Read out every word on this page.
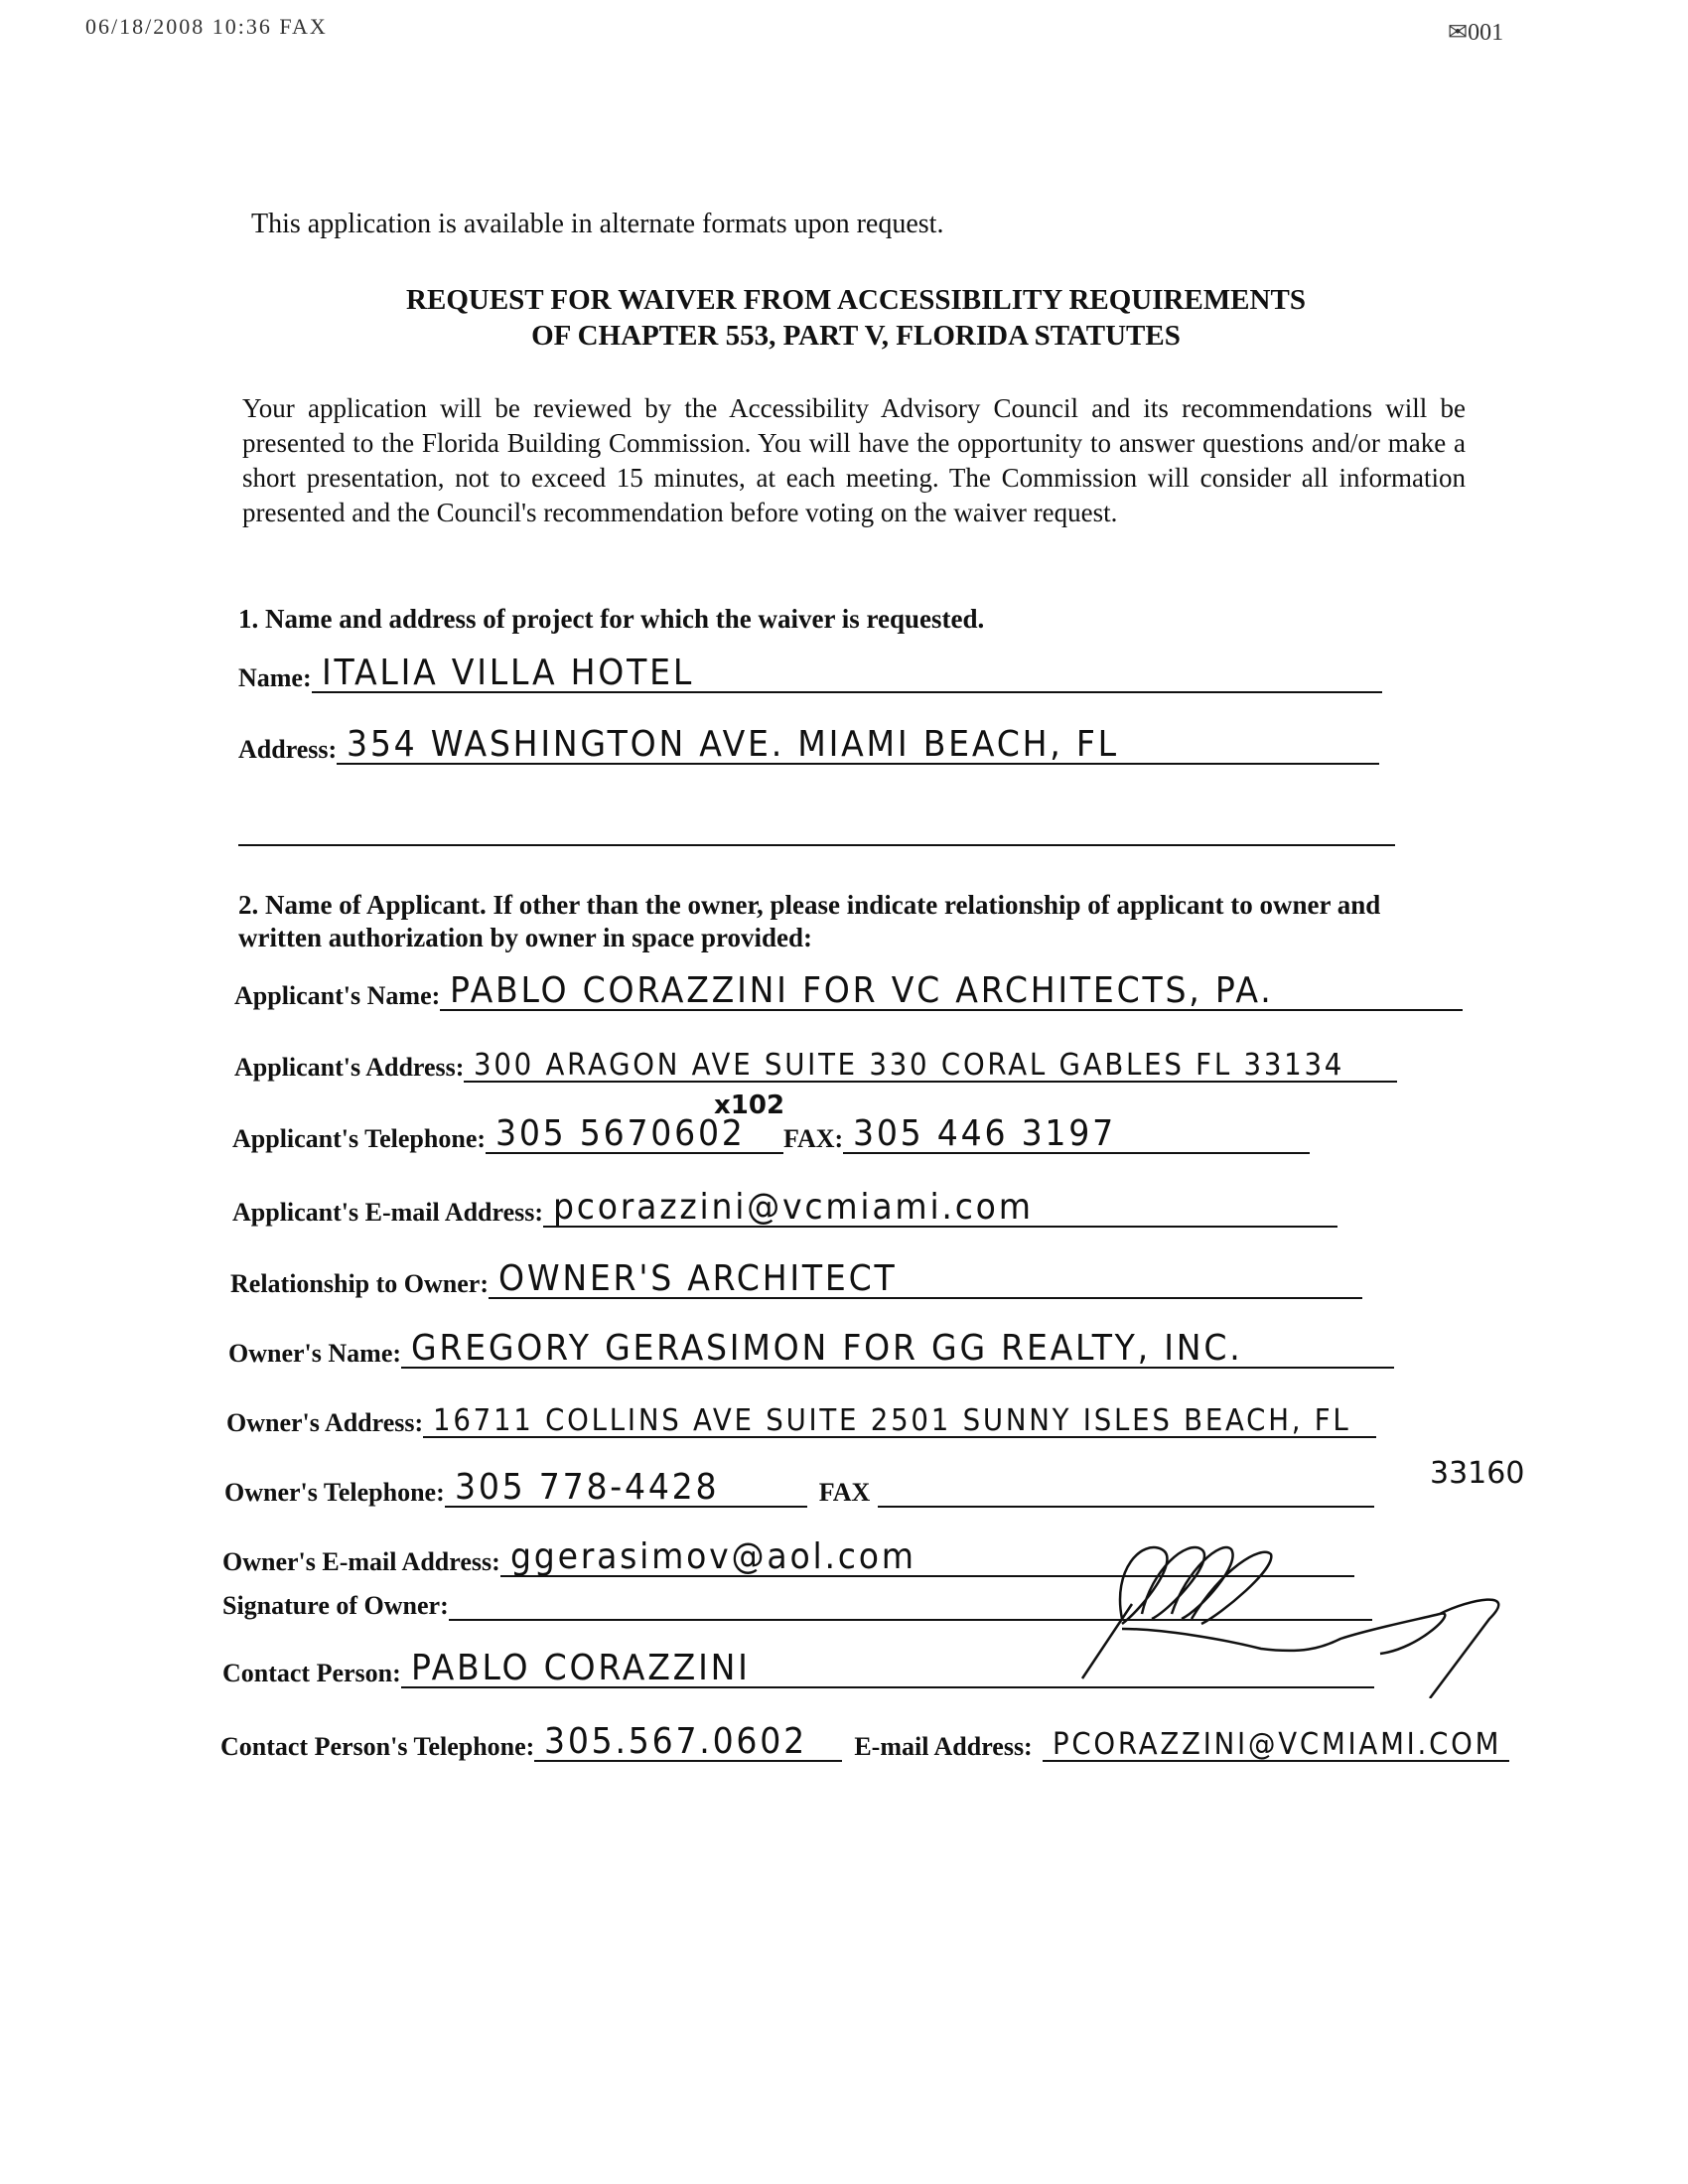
06/18/2008 10:36 FAX	✉001
This application is available in alternate formats upon request.
REQUEST FOR WAIVER FROM ACCESSIBILITY REQUIREMENTS
OF CHAPTER 553, PART V, FLORIDA STATUTES
Your application will be reviewed by the Accessibility Advisory Council and its recommendations will be presented to the Florida Building Commission. You will have the opportunity to answer questions and/or make a short presentation, not to exceed 15 minutes, at each meeting. The Commission will consider all information presented and the Council's recommendation before voting on the waiver request.
1. Name and address of project for which the waiver is requested.
Name: ITALIA VILLA HOTEL
Address: 354 WASHINGTON AVE. MIAMI BEACH, FL
2. Name of Applicant. If other than the owner, please indicate relationship of applicant to owner and written authorization by owner in space provided:
Applicant's Name: PABLO CORAZZINI FOR VC ARCHITECTS, PA.
Applicant's Address: 300 ARAGON AVE SUITE 330 CORAL GABLES FL 33134
Applicant's Telephone: 305 5670602
x102
FAX: 305 446 3197
Applicant's E-mail Address: pcorazzini@vcmiami.com
Relationship to Owner: OWNER'S ARCHITECT
Owner's Name: GREGORY GERASIMON FOR GG REALTY, INC.
Owner's Address: 16711 COLLINS AVE SUITE 2501 SUNNY ISLES BEACH, FL
33160
Owner's Telephone: 305 778-4428	FAX
Owner's E-mail Address: ggerasimov@aol.com
Signature of Owner:
Contact Person: PABLO CORAZZINI
Contact Person's Telephone: 305.567.0602 E-mail Address: PCORAZZINI@VCMIAMI.COM
